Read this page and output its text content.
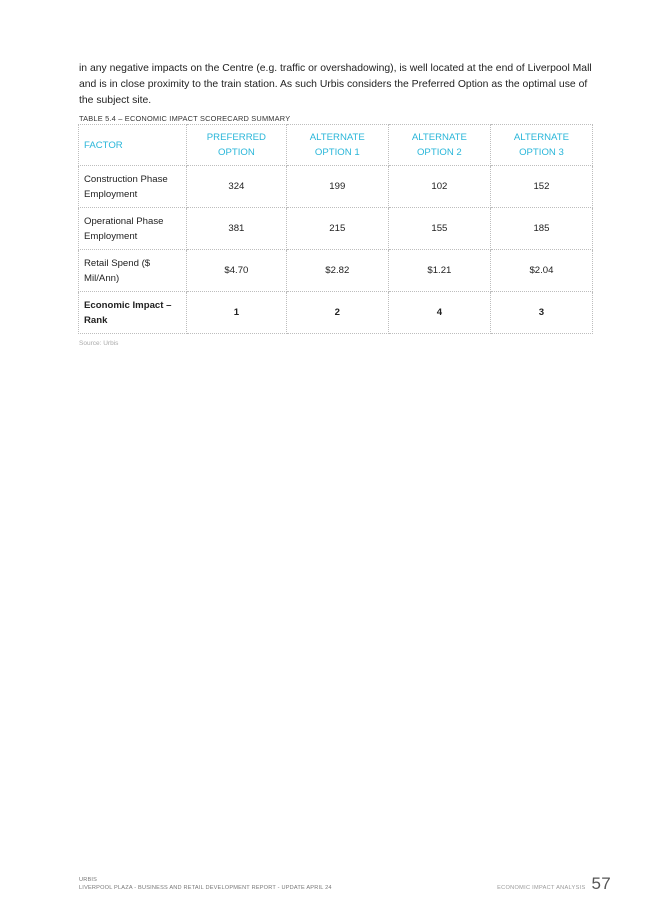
in any negative impacts on the Centre (e.g. traffic or overshadowing), is well located at the end of Liverpool Mall and is in close proximity to the train station. As such Urbis considers the Preferred Option as the optimal use of the subject site.
TABLE 5.4 – ECONOMIC IMPACT SCORECARD SUMMARY
FACTOR	PREFERRED OPTION	ALTERNATE OPTION 1	ALTERNATE OPTION 2	ALTERNATE OPTION 3
Construction Phase Employment	324	199	102	152
Operational Phase Employment	381	215	155	185
Retail Spend ($ Mil/Ann)	$4.70	$2.82	$1.21	$2.04
Economic Impact – Rank	1	2	4	3
Source: Urbis
URBIS
LIVERPOOL PLAZA - BUSINESS AND RETAIL DEVELOPMENT REPORT - UPDATE APRIL 24	ECONOMIC IMPACT ANALYSIS 57
